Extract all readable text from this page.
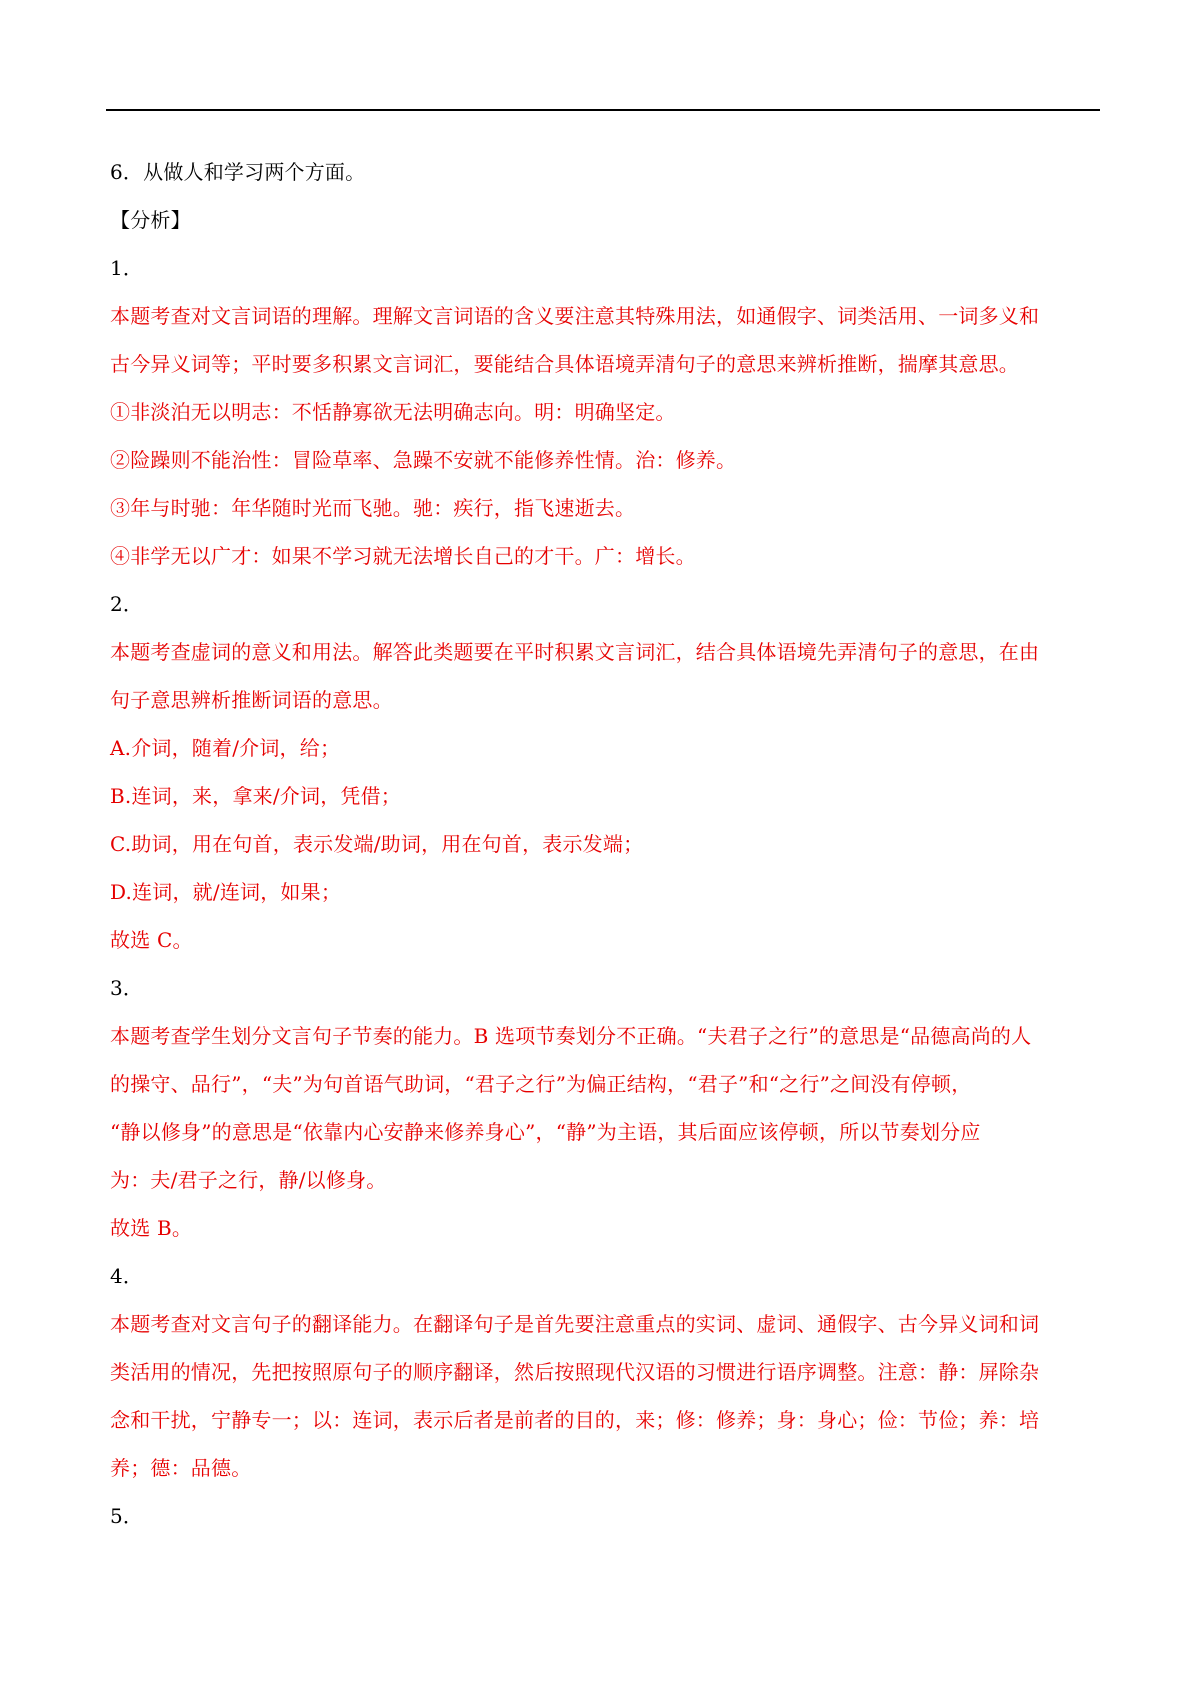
6．从做人和学习两个方面。
【分析】
1．
本题考查对文言词语的理解。理解文言词语的含义要注意其特殊用法，如通假字、词类活用、一词多义和
古今异义词等；平时要多积累文言词汇，要能结合具体语境弄清句子的意思来辨析推断，揣摩其意思。
①非淡泊无以明志：不恬静寡欲无法明确志向。明：明确坚定。
②险躁则不能治性：冒险草率、急躁不安就不能修养性情。治：修养。
③年与时驰：年华随时光而飞驰。驰：疾行，指飞速逝去。
④非学无以广才：如果不学习就无法增长自己的才干。广：增长。
2．
本题考查虚词的意义和用法。解答此类题要在平时积累文言词汇，结合具体语境先弄清句子的意思，在由
句子意思辨析推断词语的意思。
A.介词，随着/介词，给；
B.连词，来，拿来/介词，凭借；
C.助词，用在句首，表示发端/助词，用在句首，表示发端；
D.连词，就/连词，如果；
故选 C。
3．
本题考查学生划分文言句子节奏的能力。B 选项节奏划分不正确。“夫君子之行”的意思是“品德高尚的人
的操守、品行”，“夫”为句首语气助词，“君子之行”为偏正结构，“君子”和“之行”之间没有停顿，
“静以修身”的意思是“依靠内心安静来修养身心”，“静”为主语，其后面应该停顿，所以节奏划分应
为：夫/君子之行，静/以修身。
故选 B。
4．
本题考查对文言句子的翻译能力。在翻译句子是首先要注意重点的实词、虚词、通假字、古今异义词和词
类活用的情况，先把按照原句子的顺序翻译，然后按照现代汉语的习惯进行语序调整。注意：静：屏除杂
念和干扰，宁静专一；以：连词，表示后者是前者的目的，来；修：修养；身：身心；俭：节俭；养：培
养；德：品德。
5．
